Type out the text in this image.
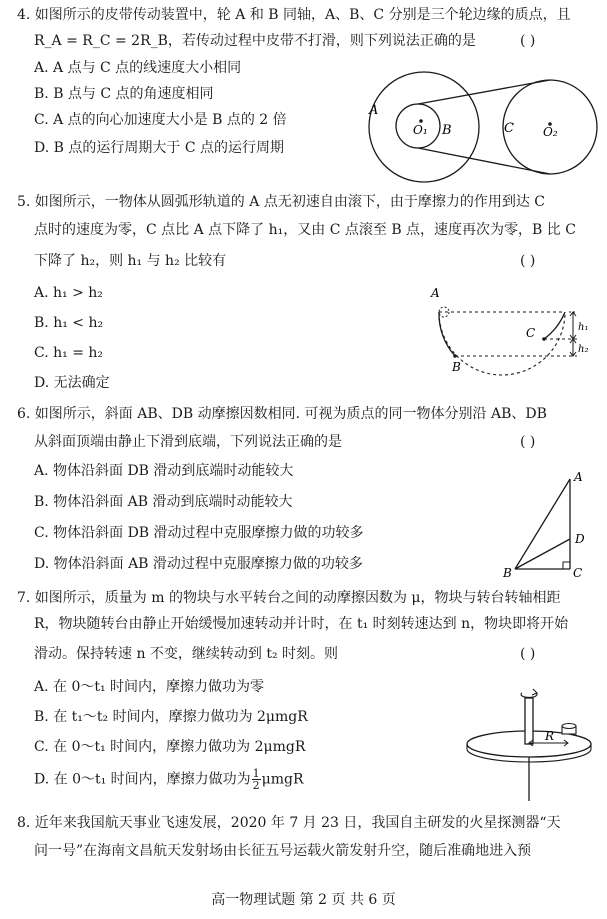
4. 如图所示的皮带传动装置中，轮 A 和 B 同轴，A、B、C 分别是三个轮边缘的质点，且
R_A = R_C = 2R_B，若传动过程中皮带不打滑，则下列说法正确的是	( )
A. A 点与 C 点的线速度大小相同
B. B 点与 C 点的角速度相同
C. A 点的向心加速度大小是 B 点的 2 倍
D. B 点的运行周期大于 C 点的运行周期
A
B	C
O₁	O₂
5. 如图所示，一物体从圆弧形轨道的 A 点无初速自由滚下，由于摩擦力的作用到达 C
点时的速度为零，C 点比 A 点下降了 h₁，又由 C 点滚至 B 点，速度再次为零，B 比 C
下降了 h₂，则 h₁ 与 h₂ 比较有	( )
A. h₁ > h₂
B. h₁ < h₂
C. h₁ = h₂
D. 无法确定
A
B
C	h₁
h₂
6. 如图所示，斜面 AB、DB 动摩擦因数相同. 可视为质点的同一物体分别沿 AB、DB
从斜面顶端由静止下滑到底端，下列说法正确的是	( )
A. 物体沿斜面 DB 滑动到底端时动能较大
B. 物体沿斜面 AB 滑动到底端时动能较大
C. 物体沿斜面 DB 滑动过程中克服摩擦力做的功较多
D. 物体沿斜面 AB 滑动过程中克服摩擦力做的功较多
A
B	C
D
7. 如图所示，质量为 m 的物块与水平转台之间的动摩擦因数为 μ，物块与转台转轴相距
R，物块随转台由静止开始缓慢加速转动并计时，在 t₁ 时刻转速达到 n，物块即将开始
滑动。保持转速 n 不变，继续转动到 t₂ 时刻。则	( )
A. 在 0～t₁ 时间内，摩擦力做功为零
B. 在 t₁～t₂ 时间内，摩擦力做功为 2μmgR
C. 在 0～t₁ 时间内，摩擦力做功为 2μmgR
D. 在 0～t₁ 时间内，摩擦力做功为 $\frac{1}{2}$ μmgR
R
8. 近年来我国航天事业飞速发展，2020 年 7 月 23 日，我国自主研发的火星探测器“天
问一号”在海南文昌航天发射场由长征五号运载火箭发射升空，随后准确地进入预
高一物理试题 第 2 页 共 6 页
